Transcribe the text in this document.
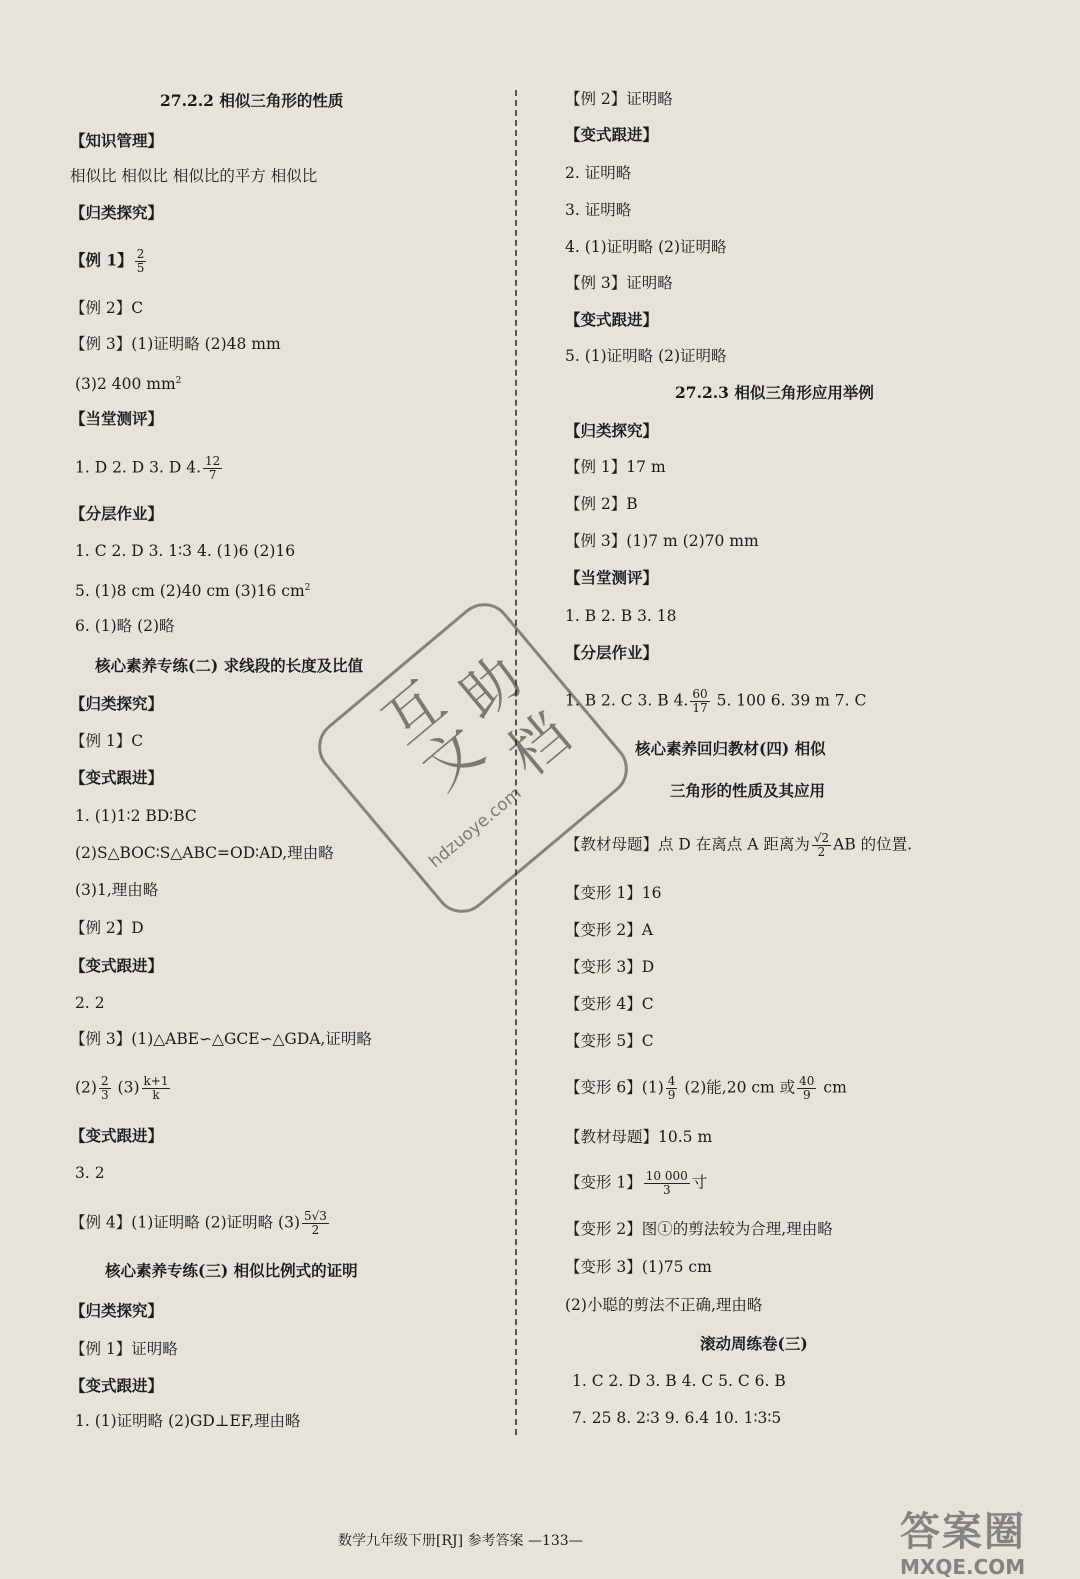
27.2.2 相似三角形的性质
【知识管理】
相似比 相似比 相似比的平方 相似比
【归类探究】
【例 1】 $\frac{2}{5}$
【例 2】C
【例 3】(1)证明略 (2)48 mm
(3)2 400 $mm^2$
【当堂测评】
1. D 2. D 3. D 4. $\frac{12}{7}$
【分层作业】
1. C 2. D 3. 1∶3 4. (1)6 (2)16
5. (1)8 cm (2)40 cm (3)16 $cm^2$
6. (1)略 (2)略
核心素养专练(二) 求线段的长度及比值
【归类探究】
【例 1】C
【变式跟进】
1. (1)1∶2 BD∶BC
(2)S△BOC∶S△ABC=OD∶AD,理由略
(3)1,理由略
【例 2】D
【变式跟进】
2. 2
【例 3】(1)△ABE∽△GCE∽△GDA,证明略
$(2) \frac{2}{3} (3) \frac{k+1}{k}$
【变式跟进】
3. 2
【例 4】(1)证明略 (2)证明略 $(3) \frac{5√3}{2}$
核心素养专练(三) 相似比例式的证明
【归类探究】
【例 1】证明略
【变式跟进】
1. (1)证明略 (2)GD⊥EF,理由略
【例 2】证明略
【变式跟进】
2. 证明略
3. 证明略
4. (1)证明略 (2)证明略
【例 3】证明略
【变式跟进】
5. (1)证明略 (2)证明略
27.2.3 相似三角形应用举例
【归类探究】
【例 1】17 m
【例 2】B
【例 3】(1)7 m (2)70 mm
【当堂测评】
1. B 2. B 3. 18
【分层作业】
1. B 2. C 3. B 4. $\frac{60}{17} 5$. 100 6. 39 m 7. C
核心素养回归教材(四) 相似
三角形的性质及其应用
【教材母题】点 D 在离点 A 距离为 $\frac{√2}{2}$ AB 的位置.
【变形 1】16
【变形 2】A
【变形 3】D
【变形 4】C
【变形 5】C
【变形 6】$(1) \frac{4}{9} (2)$能,20 cm 或 $\frac{40}{9}$ cm
【教材母题】10.5 m
【变形 1】 $\frac{10 000}{3}$ 寸
【变形 2】图①的剪法较为合理,理由略
【变形 3】(1)75 cm
(2)小聪的剪法不正确,理由略
滚动周练卷(三)
1. C 2. D 3. B 4. C 5. C 6. B
7. 25 8. 2∶3 9. 6.4 10. 1∶3∶5
互
文
助
档
hdzuoye.com
数学九年级下册[RJ] 参考答案 —133—	答案圈
MXQE.COM
